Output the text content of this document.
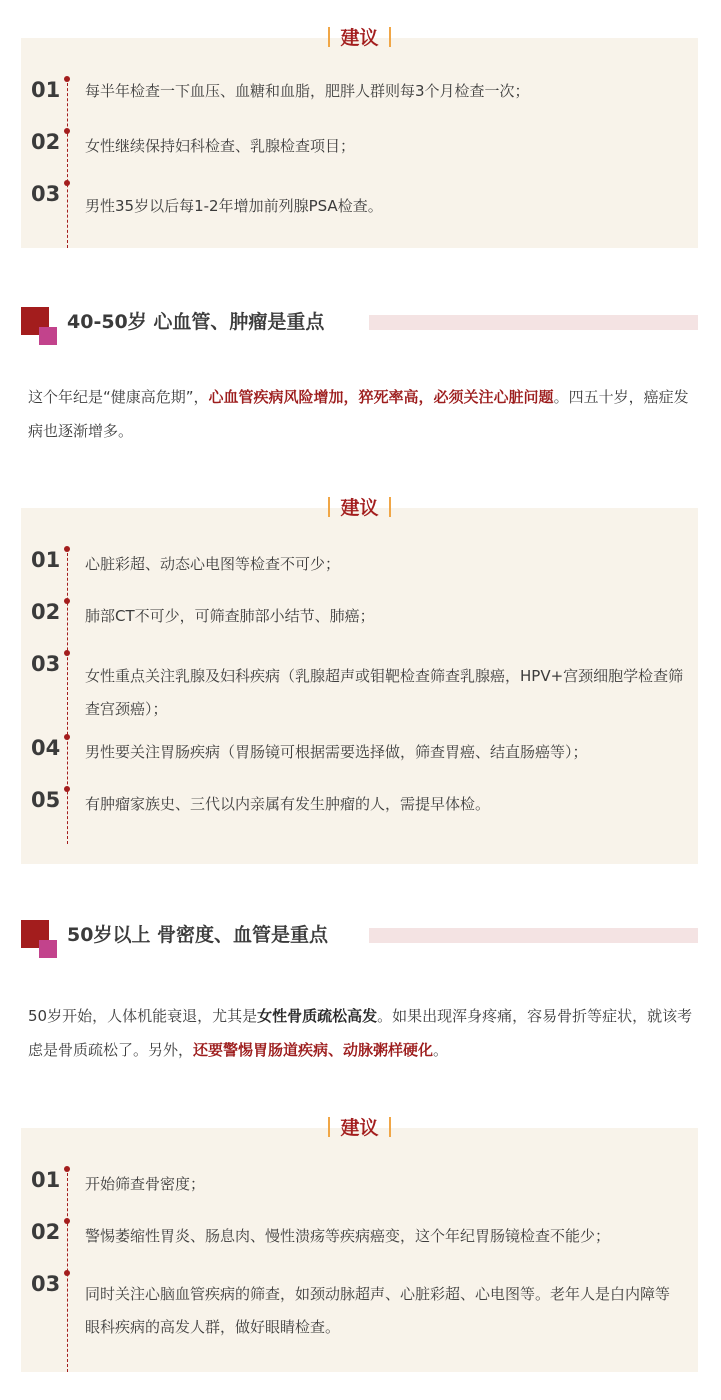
建议
01 每半年检查一下血压、血糖和血脂，肥胖人群则每3个月检查一次；
02 女性继续保持妇科检查、乳腺检查项目；
03 男性35岁以后每1-2年增加前列腺PSA检查。
40-50岁 心血管、肿瘤是重点
这个年纪是“健康高危期”，心血管疾病风险增加，猝死率高，必须关注心脏问题。四五十岁，癌症发病也逐渐增多。
建议
01 心脏彩超、动态心电图等检查不可少；
02 肺部CT不可少，可筛查肺部小结节、肺癌；
03 女性重点关注乳腺及妇科疾病（乳腺超声或钼靶检查筛查乳腺癌，HPV+宫颈细胞学检查筛查宫颈癌）；
04 男性要关注胃肠疾病（胃肠镜可根据需要选择做，筛查胃癌、结直肠癌等）；
05 有肿瘤家族史、三代以内亲属有发生肿瘤的人，需提早体检。
50岁以上 骨密度、血管是重点
50岁开始，人体机能衰退，尤其是女性骨质疏松高发。如果出现浑身疼痛，容易骨折等症状，就该考虑是骨质疏松了。另外，还要警惕胃肠道疾病、动脉粥样硬化。
建议
01 开始筛查骨密度；
02 警惕萎缩性胃炎、肠息肉、慢性溃疡等疾病癌变，这个年纪胃肠镜检查不能少；
03 同时关注心脑血管疾病的筛查，如颈动脉超声、心脏彩超、心电图等。老年人是白内障等眼科疾病的高发人群，做好眼睛检查。
